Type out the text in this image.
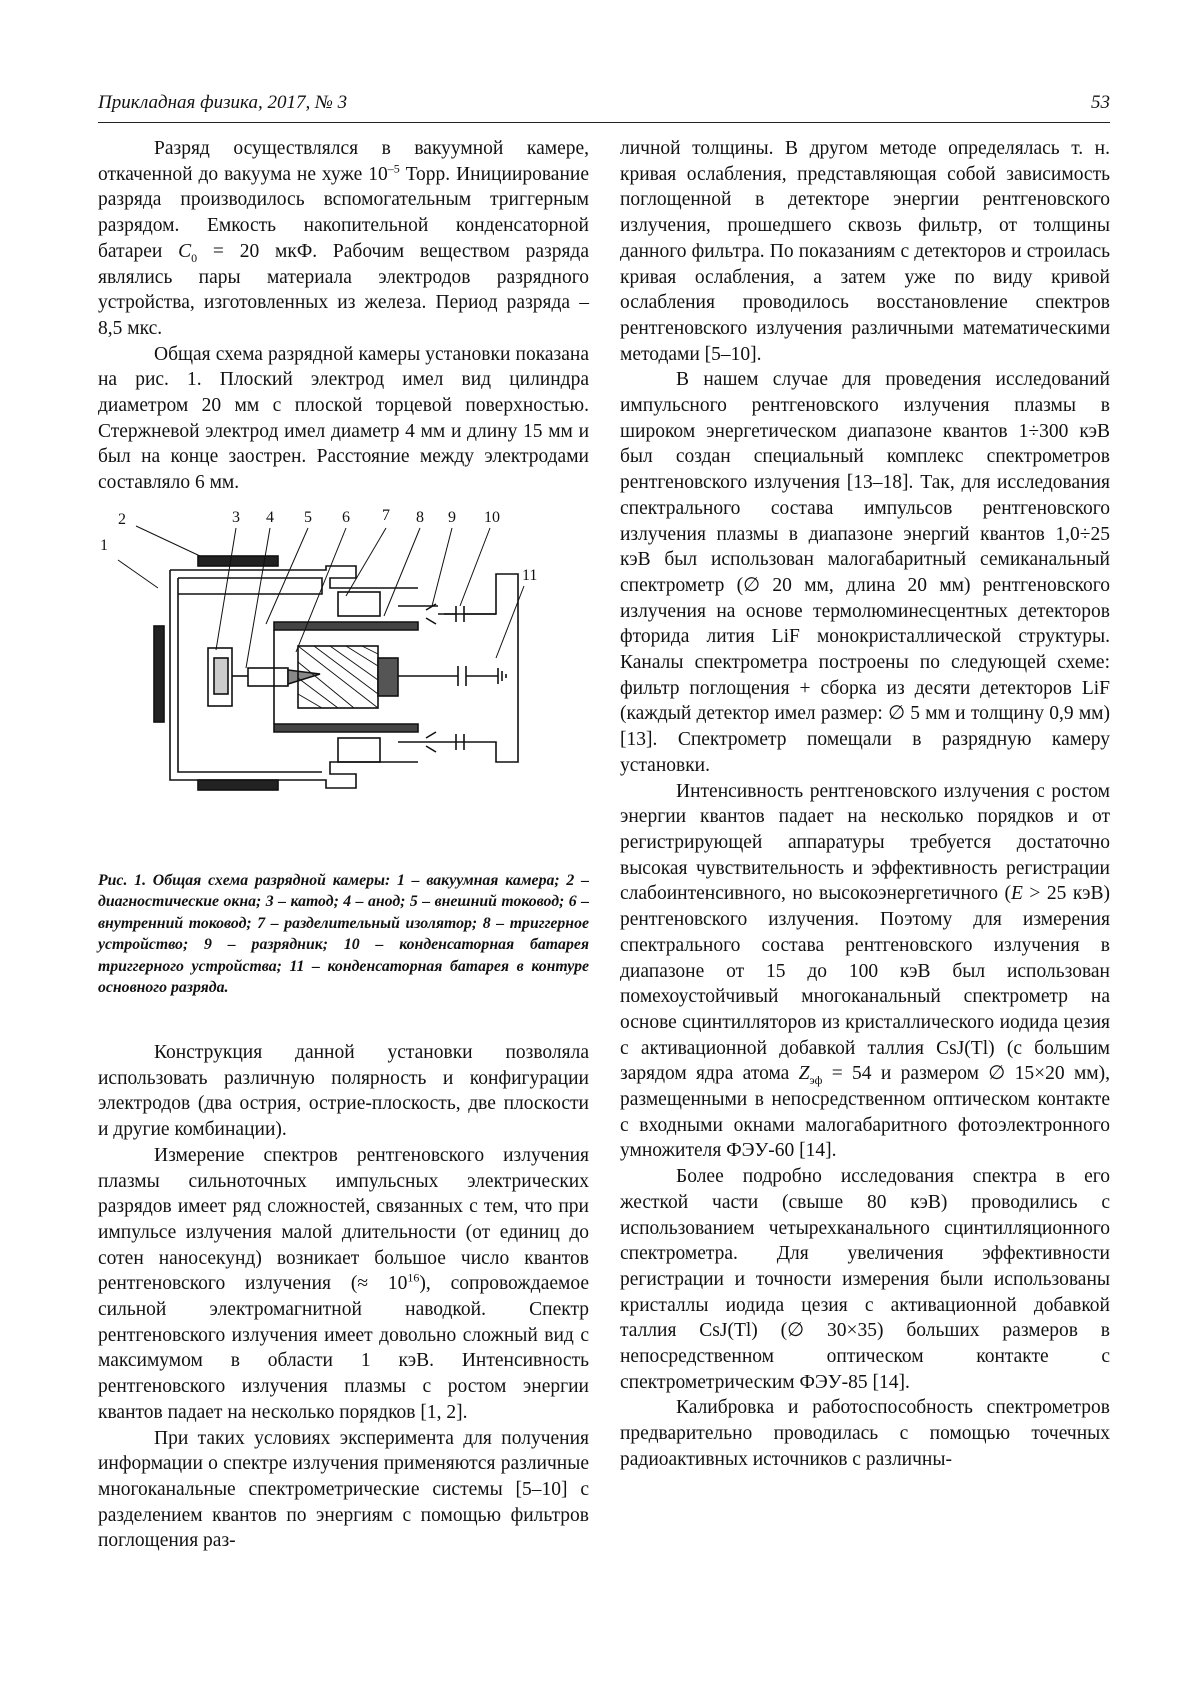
Прикладная физика, 2017, № 3	53

Разряд осуществлялся в вакуумной камере, откаченной до вакуума не хуже $10^{-5}$ Торр. Инициирование разряда производилось вспомогательным триггерным разрядом. Емкость накопительной конденсаторной батареи $C_0 = 20$ мкФ. Рабочим веществом разряда являлись пары материала электродов разрядного устройства, изготовленных из железа. Период разряда – 8,5 мкс.

Общая схема разрядной камеры установки показана на рис. 1. Плоский электрод имел вид цилиндра диаметром 20 мм с плоской торцевой поверхностью. Стержневой электрод имел диаметр 4 мм и длину 15 мм и был на конце заострен. Расстояние между электродами составляло 6 мм.

1
2	3 4 5 6 7 8 9 10
11
Рис. 1. Общая схема разрядной камеры: 1 – вакуумная камера; 2 – диагностические окна; 3 – катод; 4 – анод; 5 – внешний токовод; 6 – внутренний токовод; 7 – разделительный изолятор; 8 – триггерное устройство; 9 – разрядник; 10 – конденсаторная батарея триггерного устройства; 11 – конденсаторная батарея в контуре основного разряда.

Конструкция данной установки позволяла использовать различную полярность и конфигурации электродов (два острия, острие-плоскость, две плоскости и другие комбинации).

Измерение спектров рентгеновского излучения плазмы сильноточных импульсных электрических разрядов имеет ряд сложностей, связанных с тем, что при импульсе излучения малой длительности (от единиц до сотен наносекунд) возникает большое число квантов рентгеновского излучения (≈ $10^{16}$), сопровождаемое сильной электромагнитной наводкой. Спектр рентгеновского излучения имеет довольно сложный вид с максимумом в области 1 кэВ. Интенсивность рентгеновского излучения плазмы с ростом энергии квантов падает на несколько порядков [1, 2].

При таких условиях эксперимента для получения информации о спектре излучения применяются различные многоканальные спектрометрические системы [5–10] с разделением квантов по энергиям с помощью фильтров поглощения раз-

личной толщины. В другом методе определялась т. н. кривая ослабления, представляющая собой зависимость поглощенной в детекторе энергии рентгеновского излучения, прошедшего сквозь фильтр, от толщины данного фильтра. По показаниям с детекторов и строилась кривая ослабления, а затем уже по виду кривой ослабления проводилось восстановление спектров рентгеновского излучения различными математическими методами [5–10].

В нашем случае для проведения исследований импульсного рентгеновского излучения плазмы в широком энергетическом диапазоне квантов 1÷300 кэВ был создан специальный комплекс спектрометров рентгеновского излучения [13–18]. Так, для исследования спектрального состава импульсов рентгеновского излучения плазмы в диапазоне энергий квантов 1,0÷25 кэВ был использован малогабаритный семиканальный спектрометр (∅ 20 мм, длина 20 мм) рентгеновского излучения на основе термолюминесцентных детекторов фторида лития LiF монокристаллической структуры. Каналы спектрометра построены по следующей схеме: фильтр поглощения + сборка из десяти детекторов LiF (каждый детектор имел размер: ∅ 5 мм и толщину 0,9 мм) [13]. Спектрометр помещали в разрядную камеру установки.

Интенсивность рентгеновского излучения с ростом энергии квантов падает на несколько порядков и от регистрирующей аппаратуры требуется достаточно высокая чувствительность и эффективность регистрации слабоинтенсивного, но высокоэнергетичного (E > 25 кэВ) рентгеновского излучения. Поэтому для измерения спектрального состава рентгеновского излучения в диапазоне от 15 до 100 кэВ был использован помехоустойчивый многоканальный спектрометр на основе сцинтилляторов из кристаллического иодида цезия с активационной добавкой таллия CsJ(Tl) (с большим зарядом ядра атома $Z_{эф} = 54$ и размером ∅ 15×20 мм), размещенными в непосредственном оптическом контакте с входными окнами малогабаритного фотоэлектронного умножителя ФЭУ-60 [14].

Более подробно исследования спектра в его жесткой части (свыше 80 кэВ) проводились с использованием четырехканального сцинтилляционного спектрометра. Для увеличения эффективности регистрации и точности измерения были использованы кристаллы иодида цезия с активационной добавкой таллия CsJ(Tl) (∅ 30×35) больших размеров в непосредственном оптическом контакте с спектрометрическим ФЭУ-85 [14].

Калибровка и работоспособность спектрометров предварительно проводилась с помощью точечных радиоактивных источников с различны-
